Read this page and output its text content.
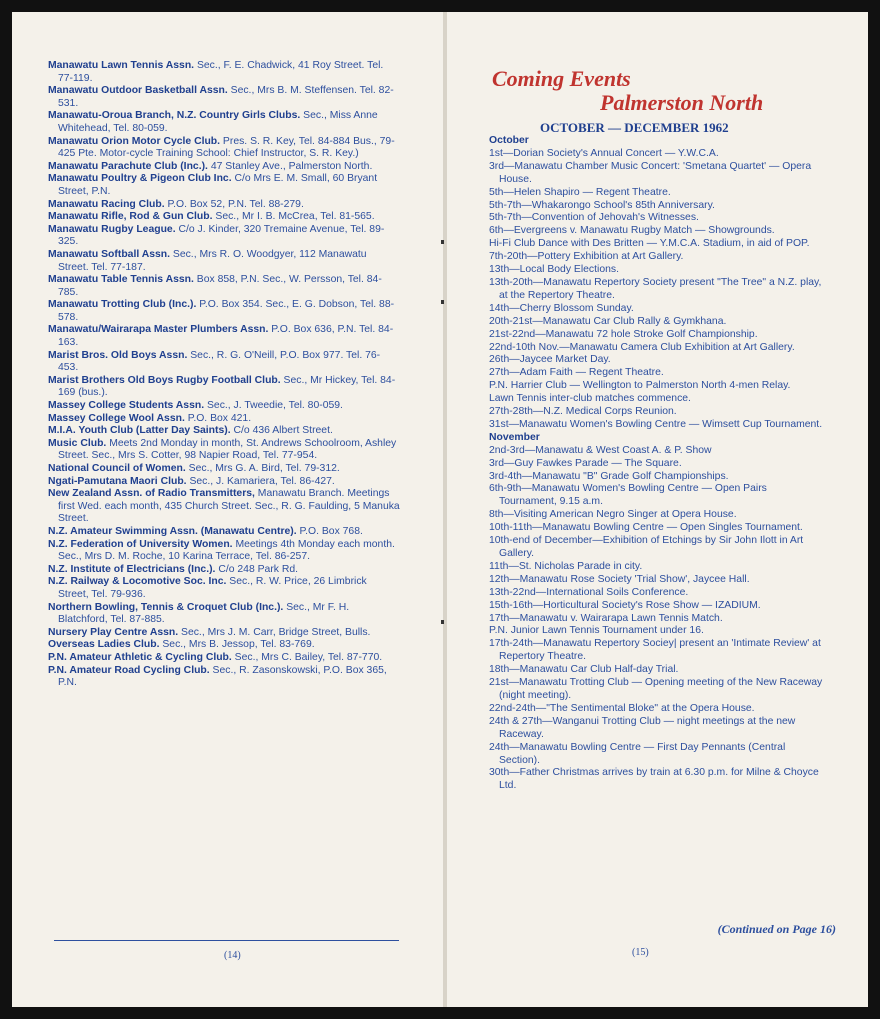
Manawatu Lawn Tennis Assn. Sec., F. E. Chadwick, 41 Roy Street. Tel. 77-119.

Manawatu Outdoor Basketball Assn. Sec., Mrs B. M. Steffensen. Tel. 82-531.

Manawatu-Oroua Branch, N.Z. Country Girls Clubs. Sec., Miss Anne Whitehead, Tel. 80-059.

Manawatu Orion Motor Cycle Club. Pres. S. R. Key, Tel. 84-884 Bus., 79-425 Pte. Motor-cycle Training School: Chief Instructor, S. R. Key.)

Manawatu Parachute Club (Inc.). 47 Stanley Ave., Palmerston North.

Manawatu Poultry & Pigeon Club Inc. C/o Mrs E. M. Small, 60 Bryant Street, P.N.

Manawatu Racing Club. P.O. Box 52, P.N. Tel. 88-279.

Manawatu Rifle, Rod & Gun Club. Sec., Mr I. B. McCrea, Tel. 81-565.

Manawatu Rugby League. C/o J. Kinder, 320 Tremaine Avenue, Tel. 89-325.

Manawatu Softball Assn. Sec., Mrs R. O. Woodgyer, 112 Manawatu Street. Tel. 77-187.

Manawatu Table Tennis Assn. Box 858, P.N. Sec., W. Persson, Tel. 84-785.

Manawatu Trotting Club (Inc.). P.O. Box 354. Sec., E. G. Dobson, Tel. 88-578.

Manawatu/Wairarapa Master Plumbers Assn. P.O. Box 636, P.N. Tel. 84-163.

Marist Bros. Old Boys Assn. Sec., R. G. O'Neill, P.O. Box 977. Tel. 76-453.

Marist Brothers Old Boys Rugby Football Club. Sec., Mr Hickey, Tel. 84-169 (bus.).

Massey College Students Assn. Sec., J. Tweedie, Tel. 80-059.

Massey College Wool Assn. P.O. Box 421.

M.I.A. Youth Club (Latter Day Saints). C/o 436 Albert Street.

Music Club. Meets 2nd Monday in month, St. Andrews Schoolroom, Ashley Street. Sec., Mrs S. Cotter, 98 Napier Road, Tel. 77-954.

National Council of Women. Sec., Mrs G. A. Bird, Tel. 79-312.

Ngati-Pamutana Maori Club. Sec., J. Kamariera, Tel. 86-427.

New Zealand Assn. of Radio Transmitters, Manawatu Branch. Meetings first Wed. each month, 435 Church Street. Sec., R. G. Faulding, 5 Manuka Street.

N.Z. Amateur Swimming Assn. (Manawatu Centre). P.O. Box 768.

N.Z. Federation of University Women. Meetings 4th Monday each month. Sec., Mrs D. M. Roche, 10 Karina Terrace, Tel. 86-257.

N.Z. Institute of Electricians (Inc.). C/o 248 Park Rd.

N.Z. Railway & Locomotive Soc. Inc. Sec., R. W. Price, 26 Limbrick Street, Tel. 79-936.

Northern Bowling, Tennis & Croquet Club (Inc.). Sec., Mr F. H. Blatchford, Tel. 87-885.

Nursery Play Centre Assn. Sec., Mrs J. M. Carr, Bridge Street, Bulls.

Overseas Ladies Club. Sec., Mrs B. Jessop, Tel. 83-769.

P.N. Amateur Athletic & Cycling Club. Sec., Mrs C. Bailey, Tel. 87-770.

P.N. Amateur Road Cycling Club. Sec., R. Zasonskowski, P.O. Box 365, P.N.

(Continued on Page 16)
(14)
Coming Events
Palmerston North
OCTOBER — DECEMBER 1962

October

1st—Dorian Society's Annual Concert — Y.W.C.A.

3rd—Manawatu Chamber Music Concert: 'Smetana Quartet' — Opera House.

5th—Helen Shapiro — Regent Theatre.

5th-7th—Whakarongo School's 85th Anniversary.

5th-7th—Convention of Jehovah's Witnesses.

6th—Evergreens v. Manawatu Rugby Match — Showgrounds.

Hi-Fi Club Dance with Des Britten — Y.M.C.A. Stadium, in aid of POP.

7th-20th—Pottery Exhibition at Art Gallery.

13th—Local Body Elections.

13th-20th—Manawatu Repertory Society present "The Tree" a N.Z. play, at the Repertory Theatre.

14th—Cherry Blossom Sunday.

20th-21st—Manawatu Car Club Rally & Gymkhana.

21st-22nd—Manawatu 72 hole Stroke Golf Championship.

22nd-10th Nov.—Manawatu Camera Club Exhibition at Art Gallery.

26th—Jaycee Market Day.

27th—Adam Faith — Regent Theatre.

P.N. Harrier Club — Wellington to Palmerston North 4-men Relay.

Lawn Tennis inter-club matches commence.

27th-28th—N.Z. Medical Corps Reunion.

31st—Manawatu Women's Bowling Centre — Wimsett Cup Tournament.

November

2nd-3rd—Manawatu & West Coast A. & P. Show

3rd—Guy Fawkes Parade — The Square.

3rd-4th—Manawatu "B" Grade Golf Championships.

6th-9th—Manawatu Women's Bowling Centre — Open Pairs Tournament, 9.15 a.m.

8th—Visiting American Negro Singer at Opera House.

10th-11th—Manawatu Bowling Centre — Open Singles Tournament.

10th-end of December—Exhibition of Etchings by Sir John Ilott in Art Gallery.

11th—St. Nicholas Parade in city.

12th—Manawatu Rose Society 'Trial Show', Jaycee Hall.

13th-22nd—International Soils Conference.

15th-16th—Horticultural Society's Rose Show — IZADIUM.

17th—Manawatu v. Wairarapa Lawn Tennis Match.

P.N. Junior Lawn Tennis Tournament under 16.

17th-24th—Manawatu Repertory Sociey| present an 'Intimate Review' at Repertory Theatre.

18th—Manawatu Car Club Half-day Trial.

21st—Manawatu Trotting Club — Opening meeting of the New Raceway (night meeting).

22nd-24th—"The Sentimental Bloke" at the Opera House.

24th & 27th—Wanganui Trotting Club — night meetings at the new Raceway.

24th—Manawatu Bowling Centre — First Day Pennants (Central Section).

30th—Father Christmas arrives by train at 6.30 p.m. for Milne & Choyce Ltd.

(15)
